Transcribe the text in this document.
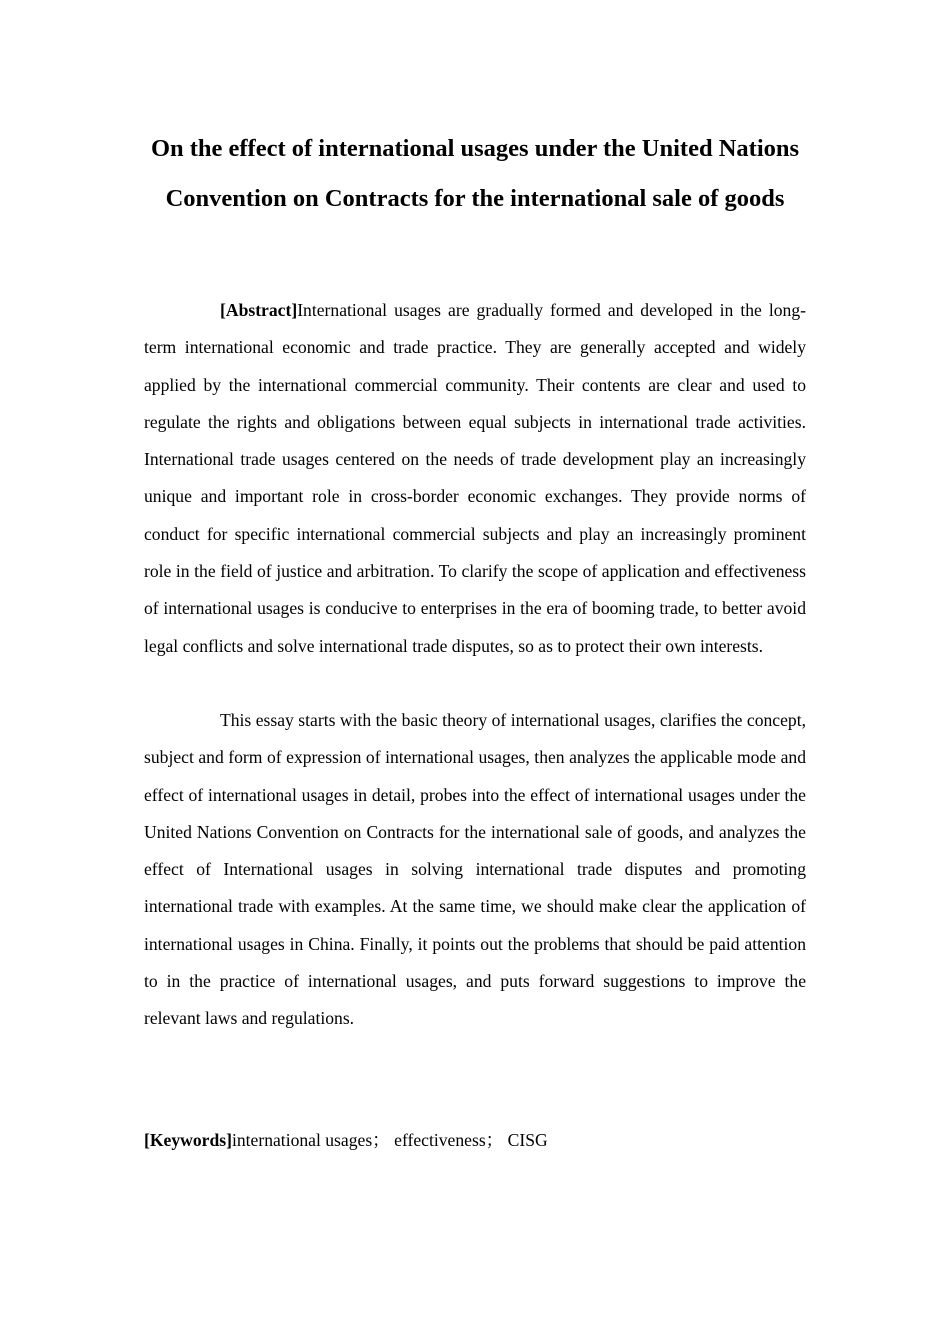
On the effect of international usages under the United Nations Convention on Contracts for the international sale of goods

[Abstract]International usages are gradually formed and developed in the long-term international economic and trade practice. They are generally accepted and widely applied by the international commercial community. Their contents are clear and used to regulate the rights and obligations between equal subjects in international trade activities. International trade usages centered on the needs of trade development play an increasingly unique and important role in cross-border economic exchanges. They provide norms of conduct for specific international commercial subjects and play an increasingly prominent role in the field of justice and arbitration. To clarify the scope of application and effectiveness of international usages is conducive to enterprises in the era of booming trade, to better avoid legal conflicts and solve international trade disputes, so as to protect their own interests.

This essay starts with the basic theory of international usages, clarifies the concept, subject and form of expression of international usages, then analyzes the applicable mode and effect of international usages in detail, probes into the effect of international usages under the United Nations Convention on Contracts for the international sale of goods, and analyzes the effect of International usages in solving international trade disputes and promoting international trade with examples. At the same time, we should make clear the application of international usages in China. Finally, it points out the problems that should be paid attention to in the practice of international usages, and puts forward suggestions to improve the relevant laws and regulations.

[Keywords]international usages； effectiveness； CISG
